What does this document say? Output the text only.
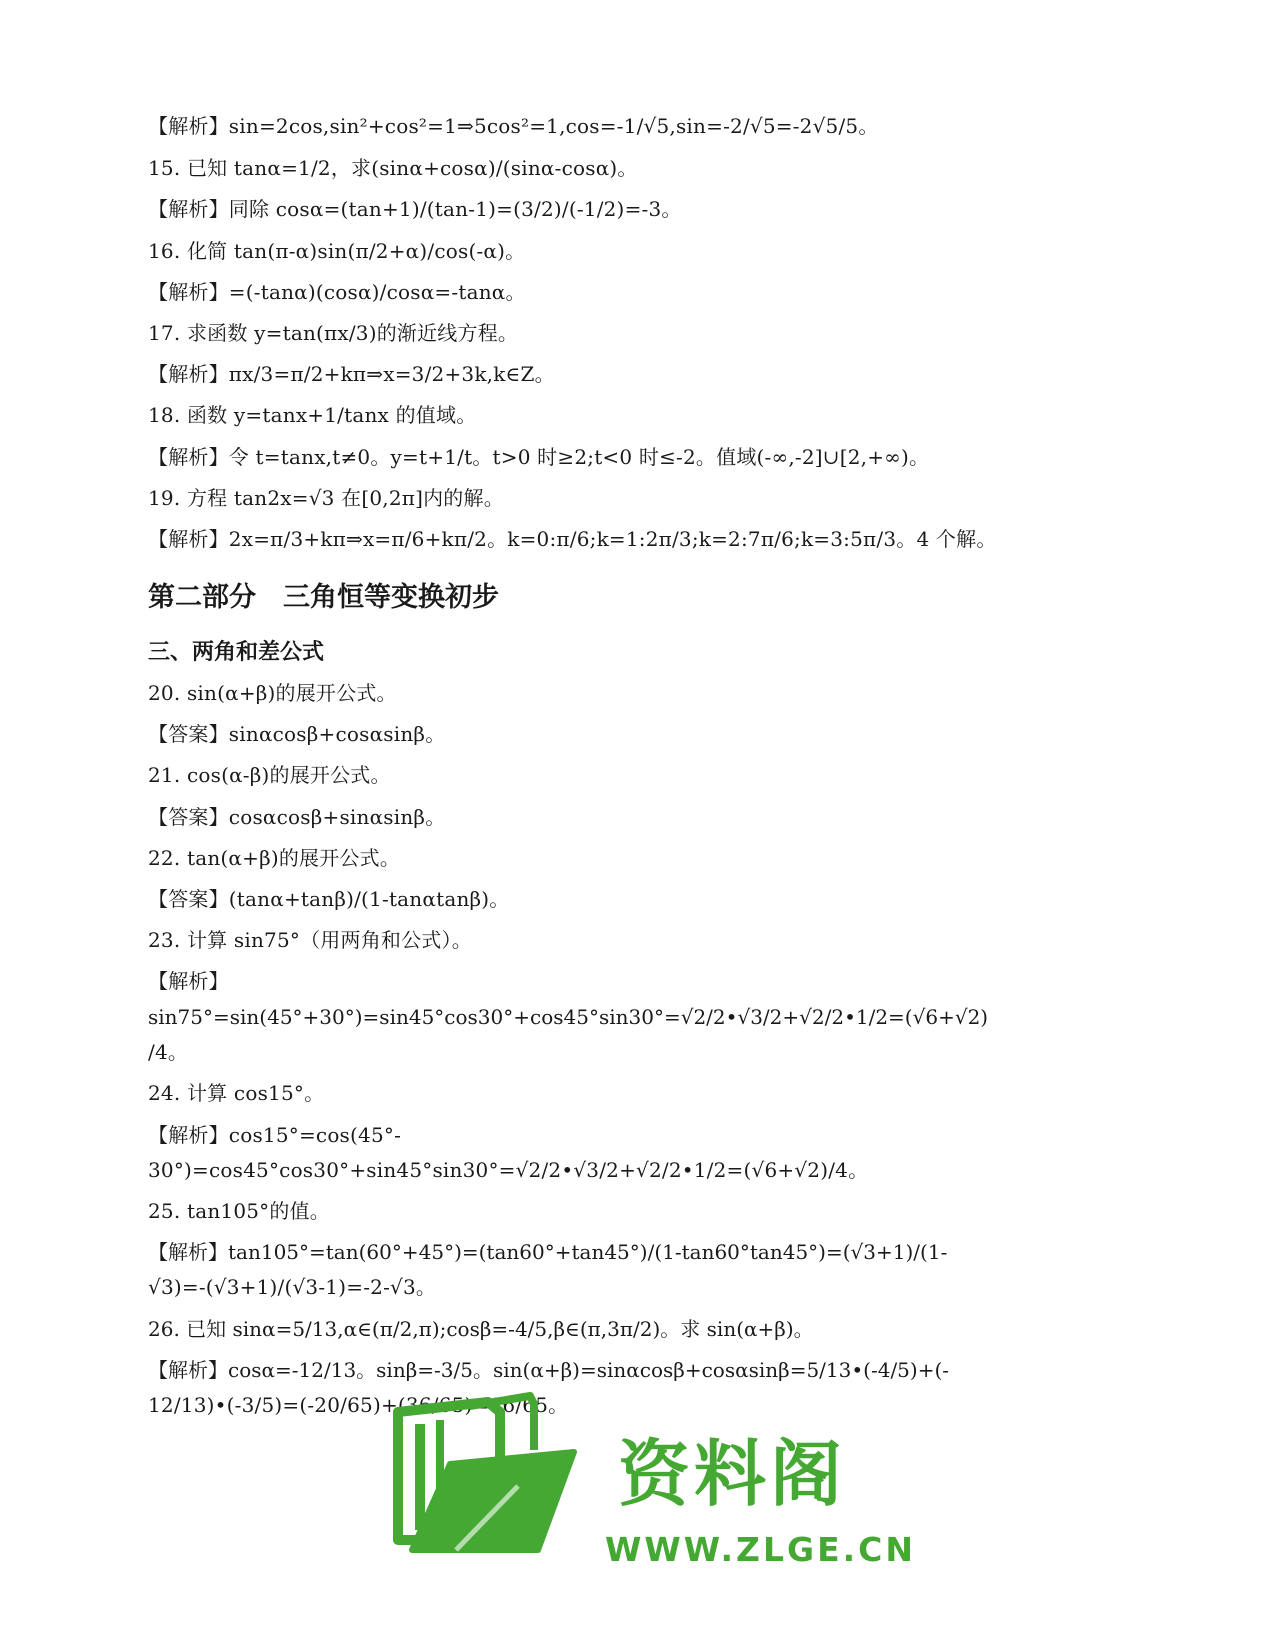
【解析】sin=2cos,sin²+cos²=1⇒5cos²=1,cos=-1/√5,sin=-2/√5=-2√5/5。
15. 已知 tanα=1/2，求(sinα+cosα)/(sinα-cosα)。
【解析】同除 cosα=(tan+1)/(tan-1)=(3/2)/(-1/2)=-3。
16. 化简 tan(π-α)sin(π/2+α)/cos(-α)。
【解析】=(-tanα)(cosα)/cosα=-tanα。
17. 求函数 y=tan(πx/3)的渐近线方程。
【解析】πx/3=π/2+kπ⇒x=3/2+3k,k∈Z。
18. 函数 y=tanx+1/tanx 的值域。
【解析】令 t=tanx,t≠0。y=t+1/t。t>0 时≥2;t<0 时≤-2。值域(-∞,-2]∪[2,+∞)。
19. 方程 tan2x=√3 在[0,2π]内的解。
【解析】2x=π/3+kπ⇒x=π/6+kπ/2。k=0:π/6;k=1:2π/3;k=2:7π/6;k=3:5π/3。4 个解。
第二部分　三角恒等变换初步
三、两角和差公式
20. sin(α+β)的展开公式。
【答案】sinαcosβ+cosαsinβ。
21. cos(α-β)的展开公式。
【答案】cosαcosβ+sinαsinβ。
22. tan(α+β)的展开公式。
【答案】(tanα+tanβ)/(1-tanαtanβ)。
23. 计算 sin75°（用两角和公式）。
【解析】
sin75°=sin(45°+30°)=sin45°cos30°+cos45°sin30°=√2/2•√3/2+√2/2•1/2=(√6+√2)
/4。
24. 计算 cos15°。
【解析】cos15°=cos(45°-
30°)=cos45°cos30°+sin45°sin30°=√2/2•√3/2+√2/2•1/2=(√6+√2)/4。
25. tan105°的值。
【解析】tan105°=tan(60°+45°)=(tan60°+tan45°)/(1-tan60°tan45°)=(√3+1)/(1-
√3)=-(√3+1)/(√3-1)=-2-√3。
26. 已知 sinα=5/13,α∈(π/2,π);cosβ=-4/5,β∈(π,3π/2)。求 sin(α+β)。
【解析】cosα=-12/13。sinβ=-3/5。sin(α+β)=sinαcosβ+cosαsinβ=5/13•(-4/5)+(-
12/13)•(-3/5)=(-20/65)+(36/65)=16/65。
资料阁
WWW.ZLGE.CN
